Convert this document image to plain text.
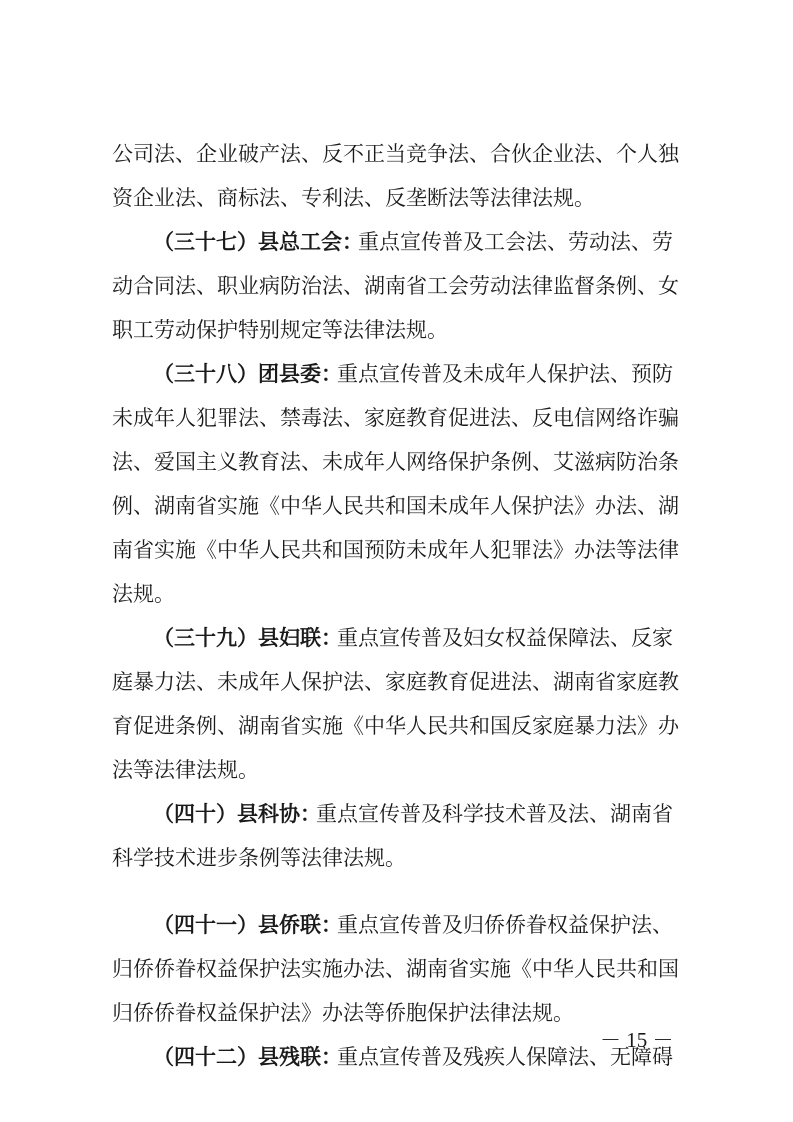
公司法、企业破产法、反不正当竞争法、合伙企业法、个人独
资企业法、商标法、专利法、反垄断法等法律法规。
（三十七）县总工会：
重点宣传普及工会法、劳动法、劳
动合同法、职业病防治法、湖南省工会劳动法律监督条例、女
职工劳动保护特别规定等法律法规。
（三十八）团县委：
重点宣传普及未成年人保护法、预防
未成年人犯罪法、禁毒法、家庭教育促进法、反电信网络诈骗
法、爱国主义教育法、未成年人网络保护条例、艾滋病防治条
例、湖南省实施《中华人民共和国未成年人保护法》办法、湖
南省实施《中华人民共和国预防未成年人犯罪法》办法等法律
法规。
（三十九）县妇联：
重点宣传普及妇女权益保障法、反家
庭暴力法、未成年人保护法、家庭教育促进法、湖南省家庭教
育促进条例、湖南省实施《中华人民共和国反家庭暴力法》办
法等法律法规。
（四十）县科协：
重点宣传普及科学技术普及法、湖南省
科学技术进步条例等法律法规。
（四十一）县侨联：
重点宣传普及归侨侨眷权益保护法、
归侨侨眷权益保护法实施办法、湖南省实施《中华人民共和国
归侨侨眷权益保护法》办法等侨胞保护法律法规。
（四十二）县残联：
重点宣传普及残疾人保障法、无障碍
－ 15 －
